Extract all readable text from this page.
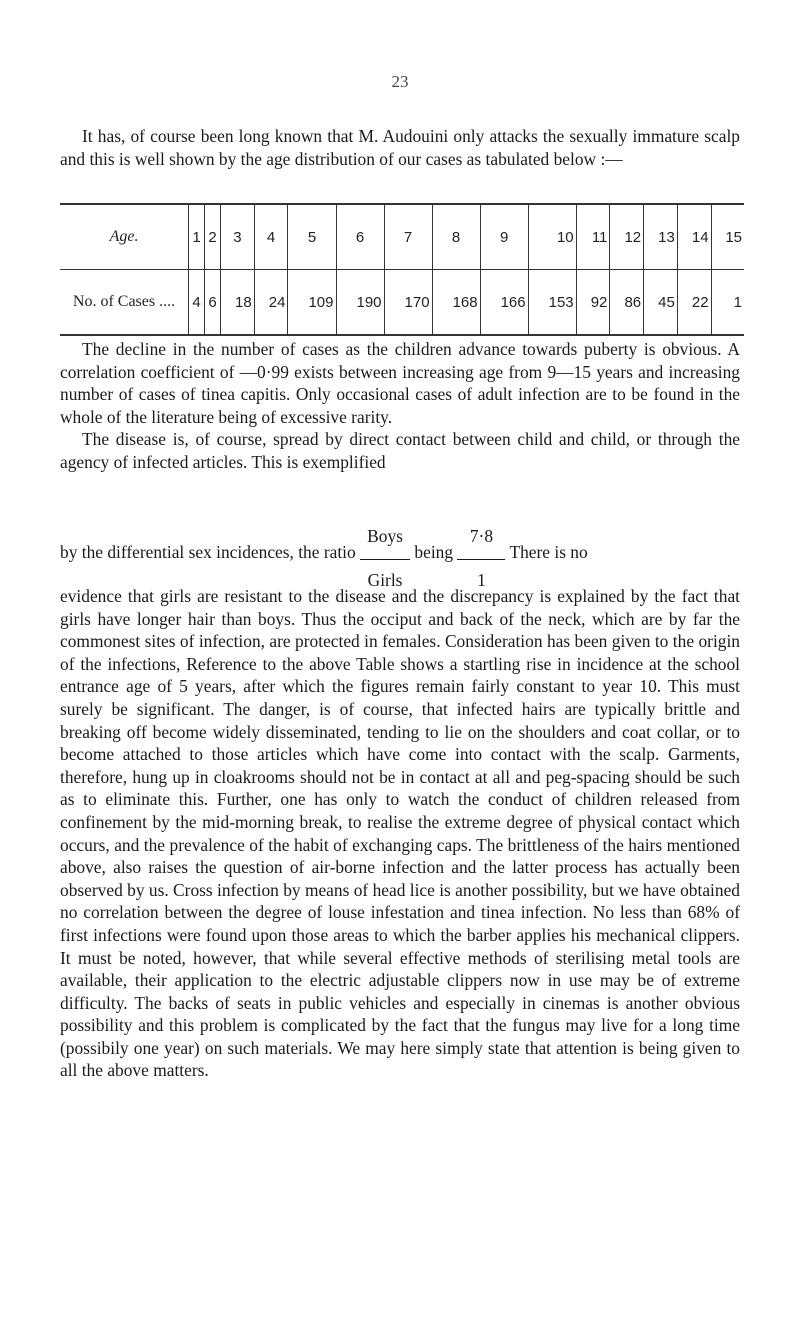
23

It has, of course been long known that M. Audouini only attacks the sexually immature scalp and this is well shown by the age distribution of our cases as tabulated below :—

Age.	1	2	3	4	5	6	7	8	9	10	11	12	13	14	15
No. of Cases ....	4	6	18	24	109	190	170	168	166	153	92	86	45	22	1

The decline in the number of cases as the children advance towards puberty is obvious. A correlation coefficient of —0·99 exists between increasing age from 9—15 years and increasing number of cases of tinea capitis. Only occasional cases of adult infection are to be found in the whole of the literature being of excessive rarity.

The disease is, of course, spread by direct contact between child and child, or through the agency of infected articles. This is exemplified

by the differential sex incidences, the ratio
Boys
Girls
being
7·8
1
There is no

evidence that girls are resistant to the disease and the discrepancy is explained by the fact that girls have longer hair than boys. Thus the occiput and back of the neck, which are by far the commonest sites of infection, are protected in females. Consideration has been given to the origin of the infections, Reference to the above Table shows a startling rise in incidence at the school entrance age of 5 years, after which the figures remain fairly constant to year 10. This must surely be significant. The danger, is of course, that infected hairs are typically brittle and breaking off become widely disseminated, tending to lie on the shoulders and coat collar, or to become attached to those articles which have come into contact with the scalp. Garments, therefore, hung up in cloakrooms should not be in contact at all and peg-spacing should be such as to eliminate this. Further, one has only to watch the conduct of children released from confinement by the mid-morning break, to realise the extreme degree of physical contact which occurs, and the prevalence of the habit of exchanging caps. The brittleness of the hairs mentioned above, also raises the question of air-borne infection and the latter process has actually been observed by us. Cross infection by means of head lice is another possibility, but we have obtained no correlation between the degree of louse infestation and tinea infection. No less than 68% of first infections were found upon those areas to which the barber applies his mechanical clippers. It must be noted, however, that while several effective methods of sterilising metal tools are available, their application to the electric adjustable clippers now in use may be of extreme difficulty. The backs of seats in public vehicles and especially in cinemas is another obvious possibility and this problem is complicated by the fact that the fungus may live for a long time (possibily one year) on such materials. We may here simply state that attention is being given to all the above matters.
